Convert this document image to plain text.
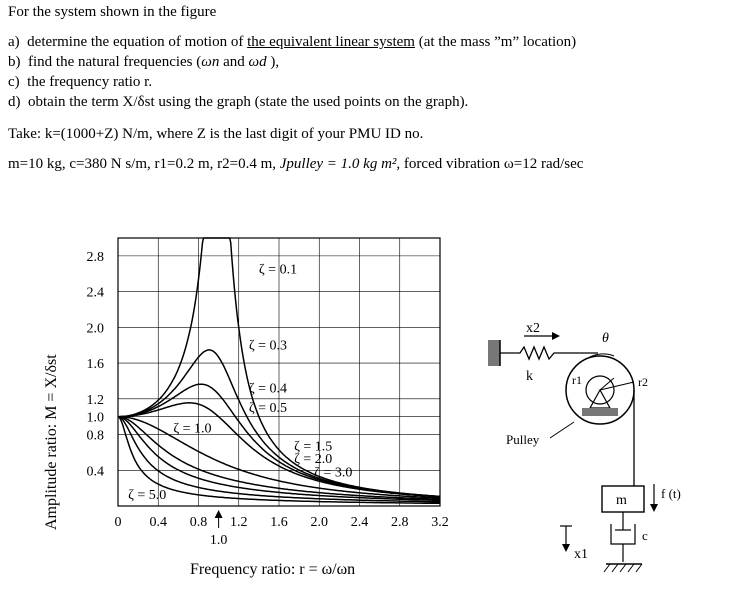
For the system shown in the figure
a) determine the equation of motion of the equivalent linear system (at the mass ”m” location)
b) find the natural frequencies (ωn and ωd ),
c) the frequency ratio r.
d) obtain the term X/δst using the graph (state the used points on the graph).
Take: k=(1000+Z) N/m, where Z is the last digit of your PMU ID no.
m=10 kg, c=380 N s/m, r1=0.2 m, r2=0.4 m, Jpulley = 1.0 kg m², forced vibration ω=12 rad/sec
0 0.4 0.8 1.2 1.6 2.0 2.4 2.8 3.2
1.0
0.4
0.8
1.0
1.2
1.6
2.0
2.4
2.8
ζ = 0.1
ζ = 0.3
ζ = 0.4
ζ = 0.5
ζ = 1.0
ζ = 1.5
ζ = 2.0
ζ = 3.0
ζ = 5.0
Frequency ratio: r = ω/ωn
Amplitude ratio: M = X/δst	k
x2
r1	r2
θ
Pulley
m	f (t)
c
x1
